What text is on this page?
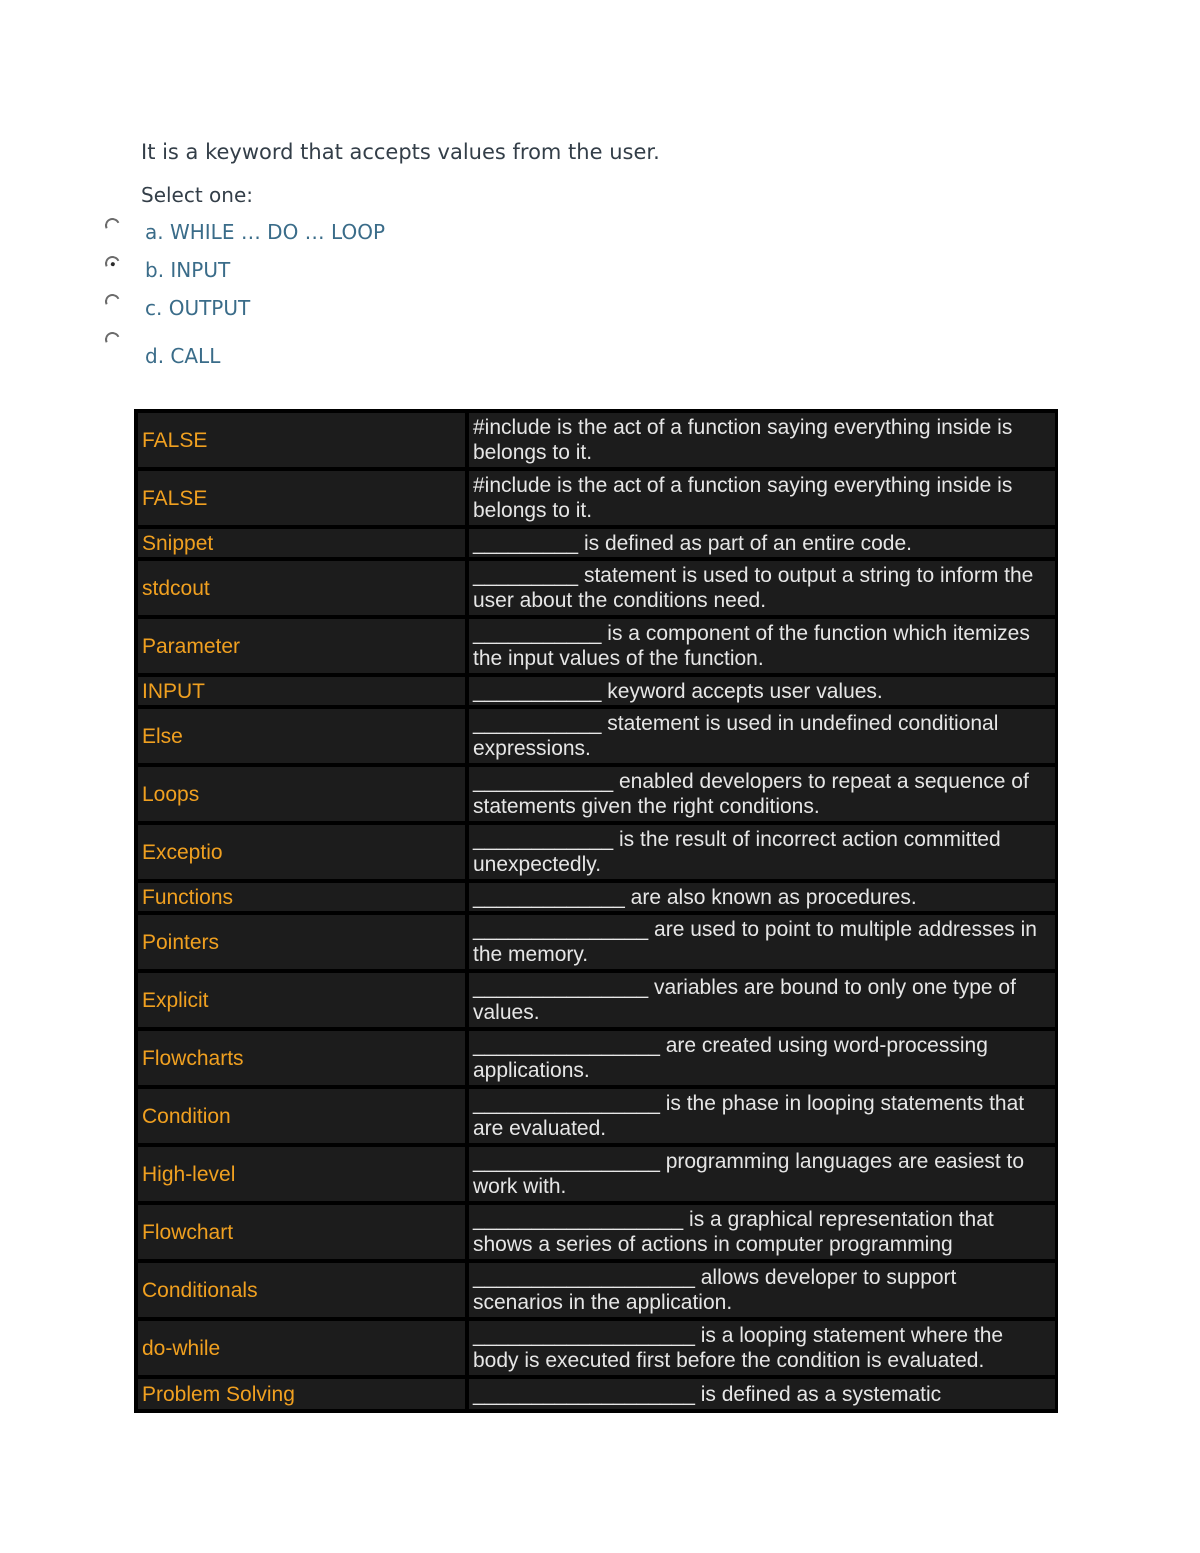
It is a keyword that accepts values from the user.
Select one:
a. WHILE … DO … LOOP
b. INPUT
c. OUTPUT
d. CALL
FALSE	#include is the act of a function saying everything inside is belongs to it.
FALSE	#include is the act of a function saying everything inside is belongs to it.
Snippet	_________ is defined as part of an entire code.
stdcout	_________ statement is used to output a string to inform the user about the conditions need.
Parameter	___________ is a component of the function which itemizes the input values of the function.
INPUT	___________ keyword accepts user values.
Else	___________ statement is used in undefined conditional expressions.
Loops	____________ enabled developers to repeat a sequence of statements given the right conditions.
Exceptio	____________ is the result of incorrect action committed unexpectedly.
Functions	_____________ are also known as procedures.
Pointers	_______________ are used to point to multiple addresses in the memory.
Explicit	_______________ variables are bound to only one type of values.
Flowcharts	________________ are created using word-processing applications.
Condition	________________ is the phase in looping statements that are evaluated.
High-level	________________ programming languages are easiest to work with.
Flowchart	__________________ is a graphical representation that shows a series of actions in computer programming
Conditionals	___________________ allows developer to support scenarios in the application.
do-while	___________________ is a looping statement where the body is executed first before the condition is evaluated.
Problem Solving	___________________ is defined as a systematic
